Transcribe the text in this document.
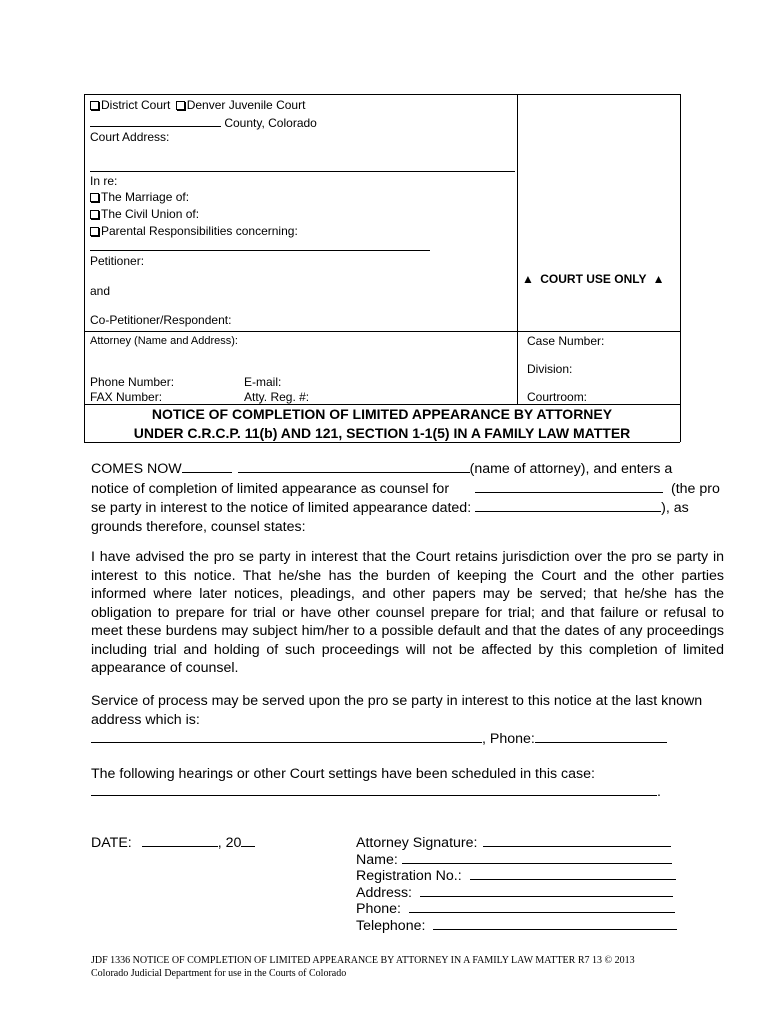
District Court Denver Juvenile Court
County, Colorado
Court Address:
In re:
The Marriage of:
The Civil Union of:
Parental Responsibilities concerning:
Petitioner:
and
Co-Petitioner/Respondent:
▲ COURT USE ONLY ▲
Attorney (Name and Address):
Phone Number:	E-mail:
FAX Number:	Atty. Reg. #:
Case Number:
Division:
Courtroom:
NOTICE OF COMPLETION OF LIMITED APPEARANCE BY ATTORNEY
UNDER C.R.C.P. 11(b) AND 121, SECTION 1-1(5) IN A FAMILY LAW MATTER
COMES NOW	(name of attorney), and enters a
notice of completion of limited appearance as counsel for	(the pro
se party in interest to the notice of limited appearance dated:	), as
grounds therefore, counsel states:
I have advised the pro se party in interest that the Court retains jurisdiction over the pro se party in interest to this notice. That he/she has the burden of keeping the Court and the other parties informed where later notices, pleadings, and other papers may be served; that he/she has the obligation to prepare for trial or have other counsel prepare for trial; and that failure or refusal to meet these burdens may subject him/her to a possible default and that the dates of any proceedings including trial and holding of such proceedings will not be affected by this completion of limited appearance of counsel.
Service of process may be served upon the pro se party in interest to this notice at the last known address which is:
, Phone:
The following hearings or other Court settings have been scheduled in this case:
.
DATE:	, 20	Attorney Signature:
Name:
Registration No.:
Address:
Phone:
Telephone:
JDF 1336 NOTICE OF COMPLETION OF LIMITED APPEARANCE BY ATTORNEY IN A FAMILY LAW MATTER R7 13 © 2013
Colorado Judicial Department for use in the Courts of Colorado
